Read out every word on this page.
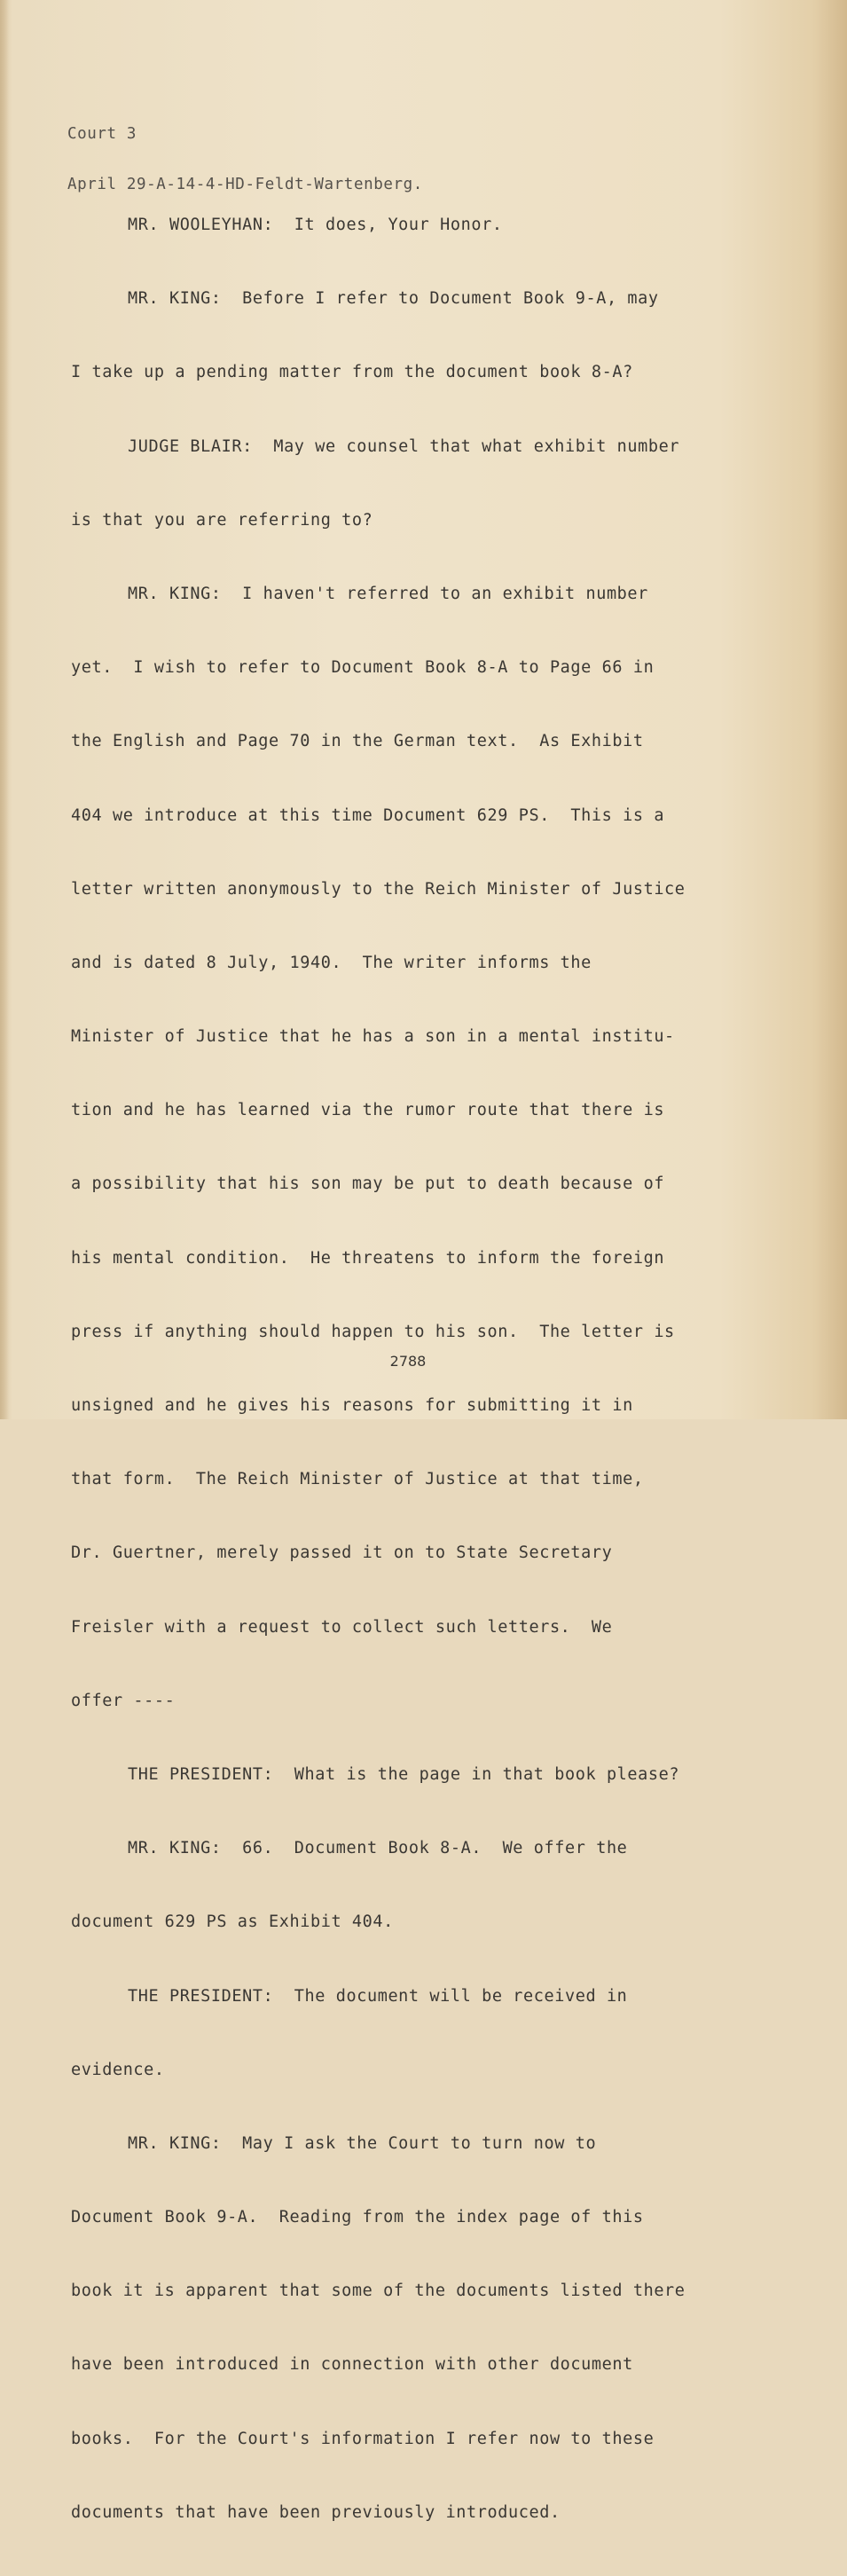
Court 3

April 29-A-14-4-HD-Feldt-Wartenberg.

MR. WOOLEYHAN:  It does, Your Honor.

MR. KING:  Before I refer to Document Book 9-A, may

I take up a pending matter from the document book 8-A?

JUDGE BLAIR:  May we counsel that what exhibit number

is that you are referring to?

MR. KING:  I haven't referred to an exhibit number

yet.  I wish to refer to Document Book 8-A to Page 66 in

the English and Page 70 in the German text.  As Exhibit

404 we introduce at this time Document 629 PS.  This is a

letter written anonymously to the Reich Minister of Justice

and is dated 8 July, 1940.  The writer informs the

Minister of Justice that he has a son in a mental institu-

tion and he has learned via the rumor route that there is

a possibility that his son may be put to death because of

his mental condition.  He threatens to inform the foreign

press if anything should happen to his son.  The letter is

unsigned and he gives his reasons for submitting it in

that form.  The Reich Minister of Justice at that time,

Dr. Guertner, merely passed it on to State Secretary

Freisler with a request to collect such letters.  We

offer ----

THE PRESIDENT:  What is the page in that book please?

MR. KING:  66.  Document Book 8-A.  We offer the

document 629 PS as Exhibit 404.

THE PRESIDENT:  The document will be received in

evidence.

MR. KING:  May I ask the Court to turn now to

Document Book 9-A.  Reading from the index page of this

book it is apparent that some of the documents listed there

have been introduced in connection with other document

books.  For the Court's information I refer now to these

documents that have been previously introduced.

2788
